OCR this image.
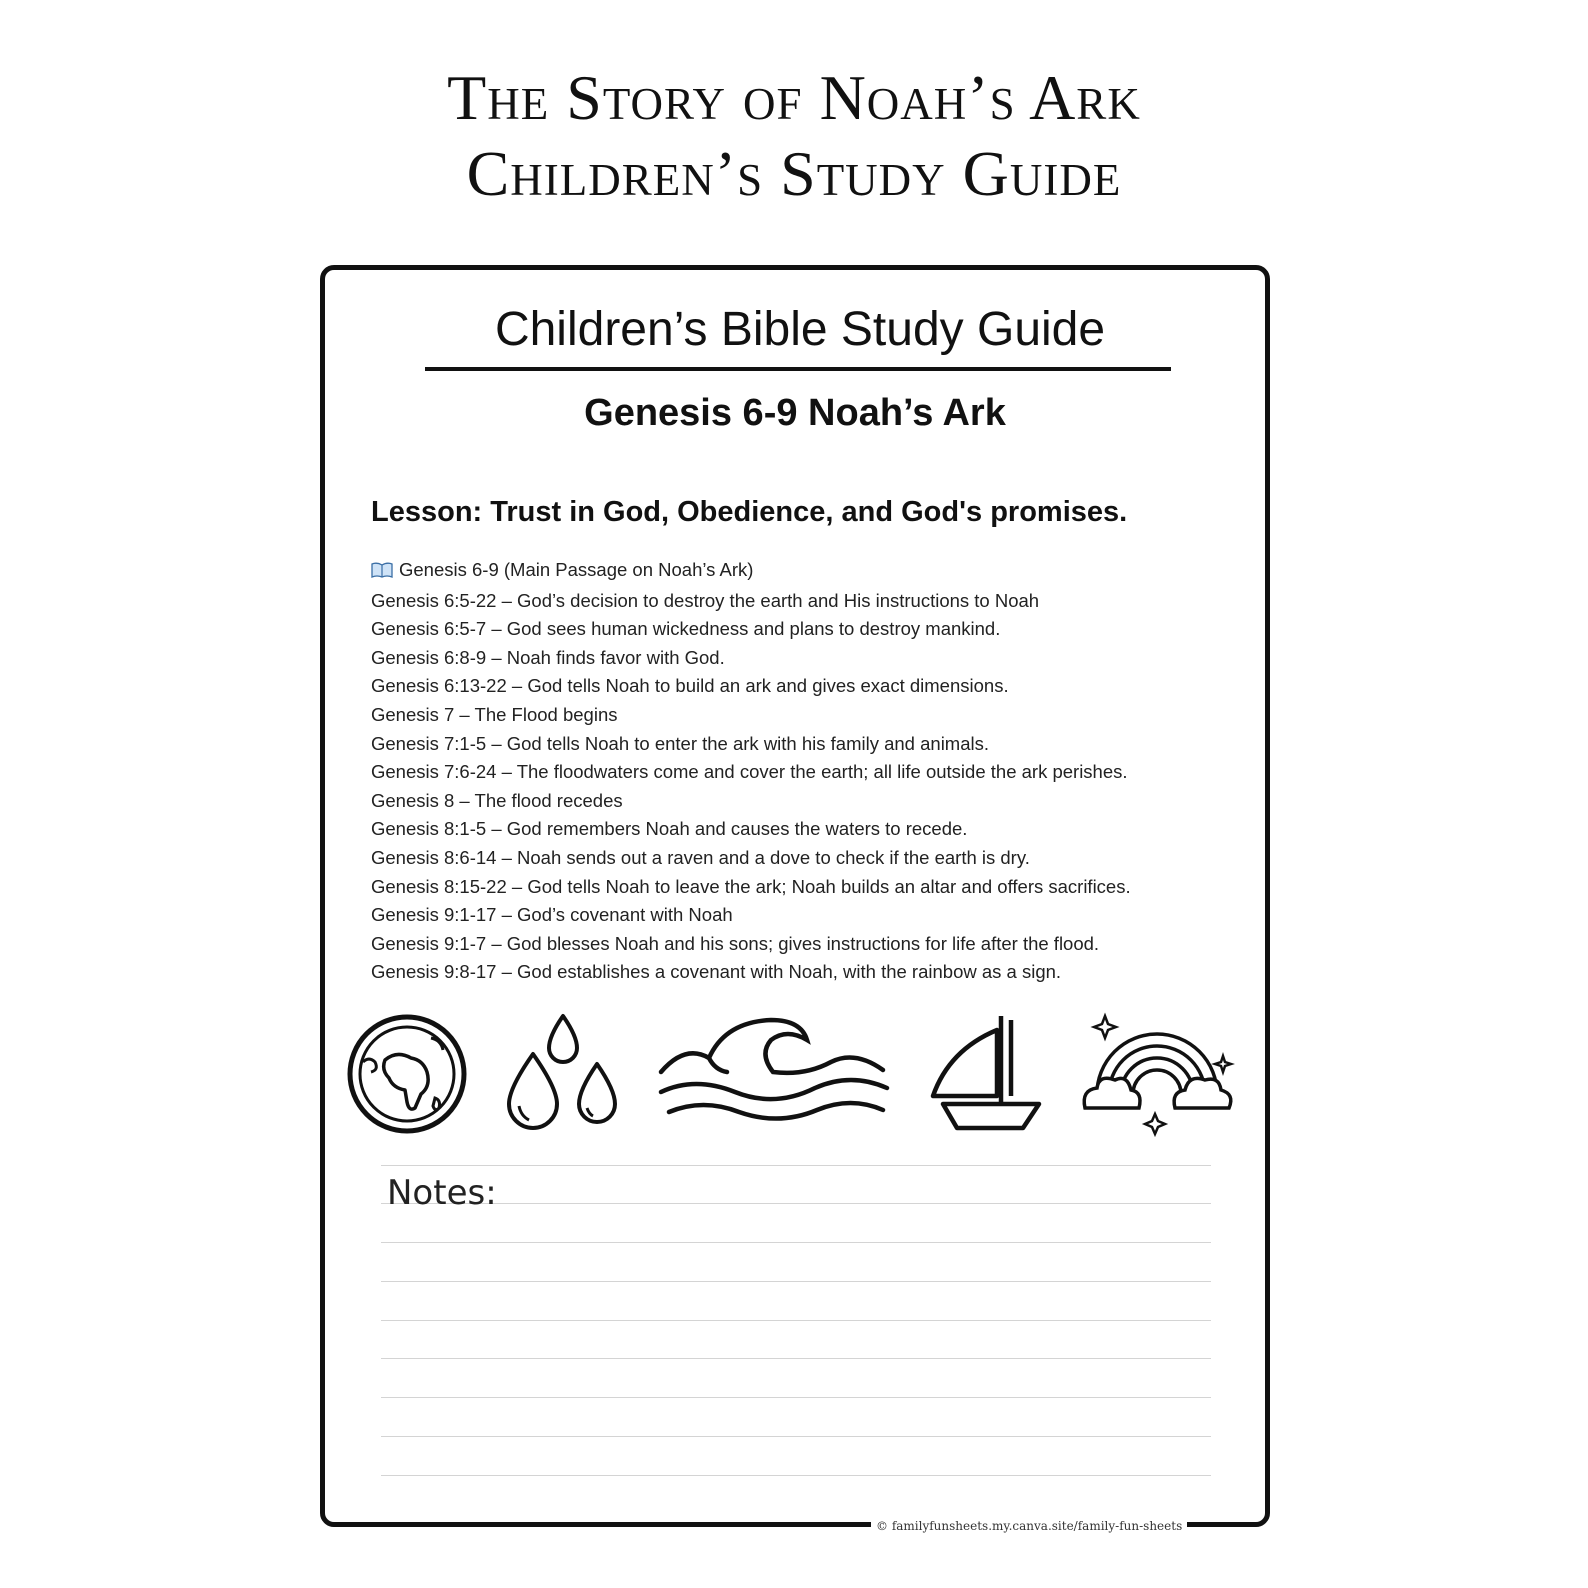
The Story of Noah’s Ark
Children’s Study Guide
Children’s Bible Study Guide
Genesis 6-9 Noah’s Ark
Lesson: Trust in God, Obedience, and God's promises.
Genesis 6-9 (Main Passage on Noah’s Ark)
Genesis 6:5-22 – God’s decision to destroy the earth and His instructions to Noah
Genesis 6:5-7 – God sees human wickedness and plans to destroy mankind.
Genesis 6:8-9 – Noah finds favor with God.
Genesis 6:13-22 – God tells Noah to build an ark and gives exact dimensions.
Genesis 7 – The Flood begins
Genesis 7:1-5 – God tells Noah to enter the ark with his family and animals.
Genesis 7:6-24 – The floodwaters come and cover the earth; all life outside the ark perishes.
Genesis 8 – The flood recedes
Genesis 8:1-5 – God remembers Noah and causes the waters to recede.
Genesis 8:6-14 – Noah sends out a raven and a dove to check if the earth is dry.
Genesis 8:15-22 – God tells Noah to leave the ark; Noah builds an altar and offers sacrifices.
Genesis 9:1-17 – God’s covenant with Noah
Genesis 9:1-7 – God blesses Noah and his sons; gives instructions for life after the flood.
Genesis 9:8-17 – God establishes a covenant with Noah, with the rainbow as a sign.
Notes:
© familyfunsheets.my.canva.site/family-fun-sheets
